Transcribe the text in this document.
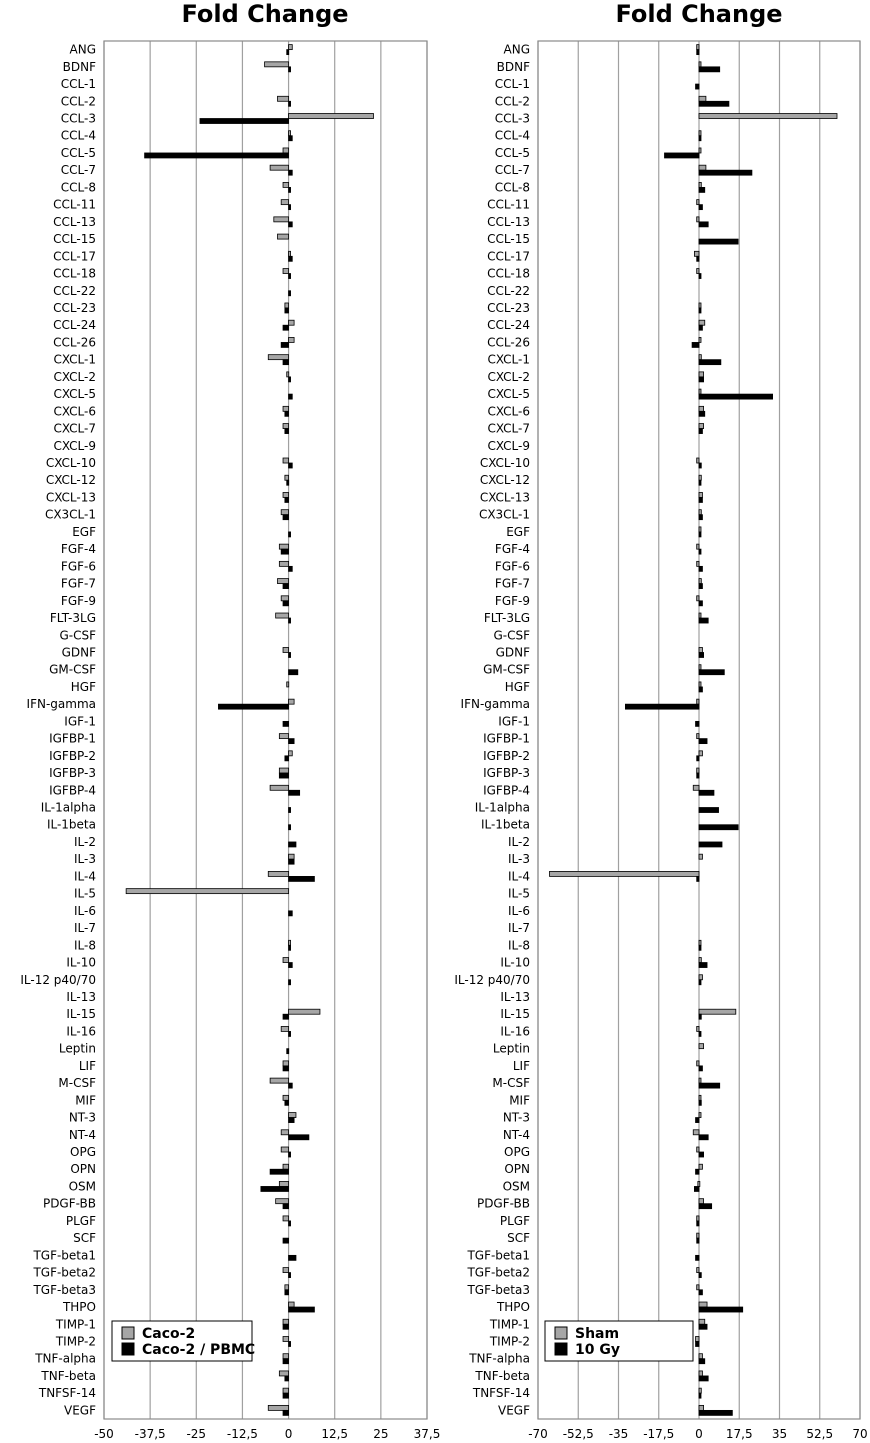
Fold Change
-50 -37,5 -25 -12,5 0 12,5 25 37,5
ANG
BDNF
CCL-1
CCL-2
CCL-3
CCL-4
CCL-5
CCL-7
CCL-8
CCL-11
CCL-13
CCL-15
CCL-17
CCL-18
CCL-22
CCL-23
CCL-24
CCL-26
CXCL-1
CXCL-2
CXCL-5
CXCL-6
CXCL-7
CXCL-9
CXCL-10
CXCL-12
CXCL-13
CX3CL-1
EGF
FGF-4
FGF-6
FGF-7
FGF-9
FLT-3LG
G-CSF
GDNF
GM-CSF
HGF
IFN-gamma
IGF-1
IGFBP-1
IGFBP-2
IGFBP-3
IGFBP-4
IL-1alpha
IL-1beta
IL-2
IL-3
IL-4
IL-5
IL-6
IL-7
IL-8
IL-10
IL-12 p40/70
IL-13
IL-15
IL-16
Leptin
LIF
M-CSF
MIF
NT-3
NT-4
OPG
OPN
OSM
PDGF-BB
PLGF
SCF
TGF-beta1
TGF-beta2
TGF-beta3
THPO
TIMP-1
TIMP-2
TNF-alpha
TNF-beta
TNFSF-14
VEGF
Caco-2
Caco-2 / PBMC
Fold Change
-70 -52,5 -35 -17,5 0 17,5 35 52,5 70
ANG
BDNF
CCL-1
CCL-2
CCL-3
CCL-4
CCL-5
CCL-7
CCL-8
CCL-11
CCL-13
CCL-15
CCL-17
CCL-18
CCL-22
CCL-23
CCL-24
CCL-26
CXCL-1
CXCL-2
CXCL-5
CXCL-6
CXCL-7
CXCL-9
CXCL-10
CXCL-12
CXCL-13
CX3CL-1
EGF
FGF-4
FGF-6
FGF-7
FGF-9
FLT-3LG
G-CSF
GDNF
GM-CSF
HGF
IFN-gamma
IGF-1
IGFBP-1
IGFBP-2
IGFBP-3
IGFBP-4
IL-1alpha
IL-1beta
IL-2
IL-3
IL-4
IL-5
IL-6
IL-7
IL-8
IL-10
IL-12 p40/70
IL-13
IL-15
IL-16
Leptin
LIF
M-CSF
MIF
NT-3
NT-4
OPG
OPN
OSM
PDGF-BB
PLGF
SCF
TGF-beta1
TGF-beta2
TGF-beta3
THPO
TIMP-1
TIMP-2
TNF-alpha
TNF-beta
TNFSF-14
VEGF
Sham
10 Gy
